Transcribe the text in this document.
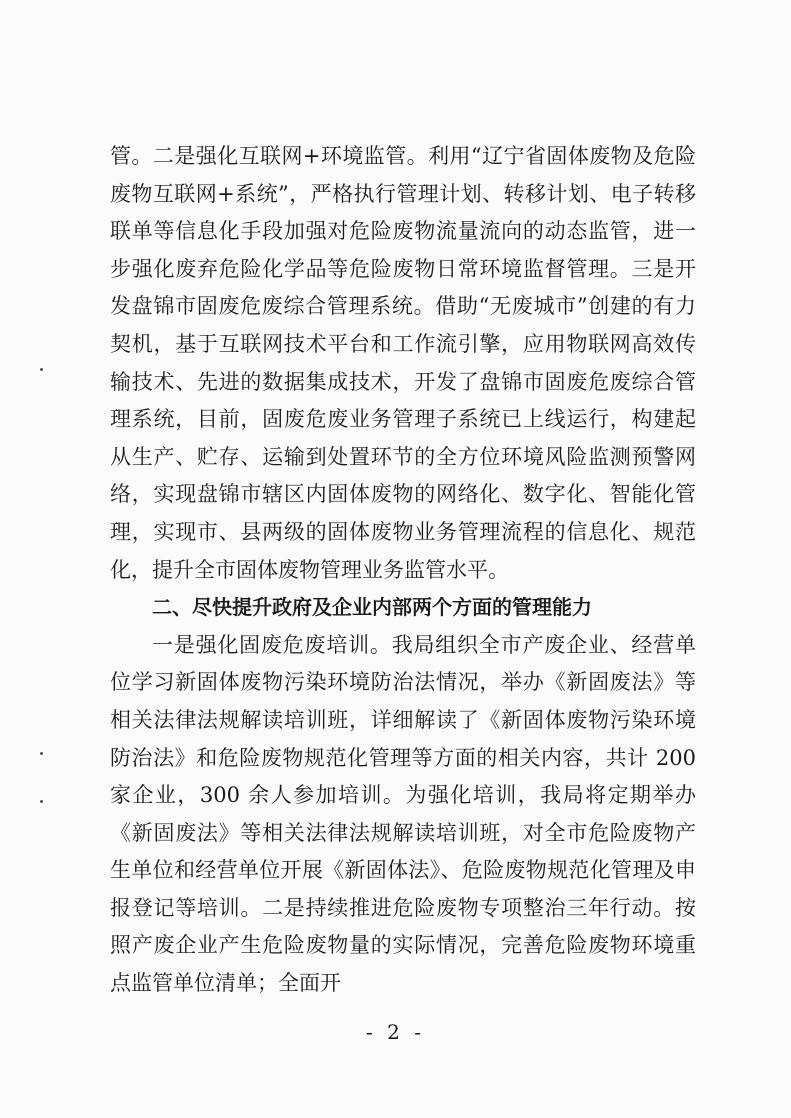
管。二是强化互联网+环境监管。利用“辽宁省固体废物及危险废物互联网+系统”，严格执行管理计划、转移计划、电子转移联单等信息化手段加强对危险废物流量流向的动态监管，进一步强化废弃危险化学品等危险废物日常环境监督管理。三是开发盘锦市固废危废综合管理系统。借助“无废城市”创建的有力契机，基于互联网技术平台和工作流引擎，应用物联网高效传输技术、先进的数据集成技术，开发了盘锦市固废危废综合管理系统，目前，固废危废业务管理子系统已上线运行，构建起从生产、贮存、运输到处置环节的全方位环境风险监测预警网络，实现盘锦市辖区内固体废物的网络化、数字化、智能化管理，实现市、县两级的固体废物业务管理流程的信息化、规范化，提升全市固体废物管理业务监管水平。

二、尽快提升政府及企业内部两个方面的管理能力

一是强化固废危废培训。我局组织全市产废企业、经营单位学习新固体废物污染环境防治法情况，举办《新固废法》等相关法律法规解读培训班，详细解读了《新固体废物污染环境防治法》和危险废物规范化管理等方面的相关内容，共计 200 家企业，300 余人参加培训。为强化培训，我局将定期举办《新固废法》等相关法律法规解读培训班，对全市危险废物产生单位和经营单位开展《新固体法》、危险废物规范化管理及申报登记等培训。二是持续推进危险废物专项整治三年行动。按照产废企业产生危险废物量的实际情况，完善危险废物环境重点监管单位清单；全面开

- 2 -
